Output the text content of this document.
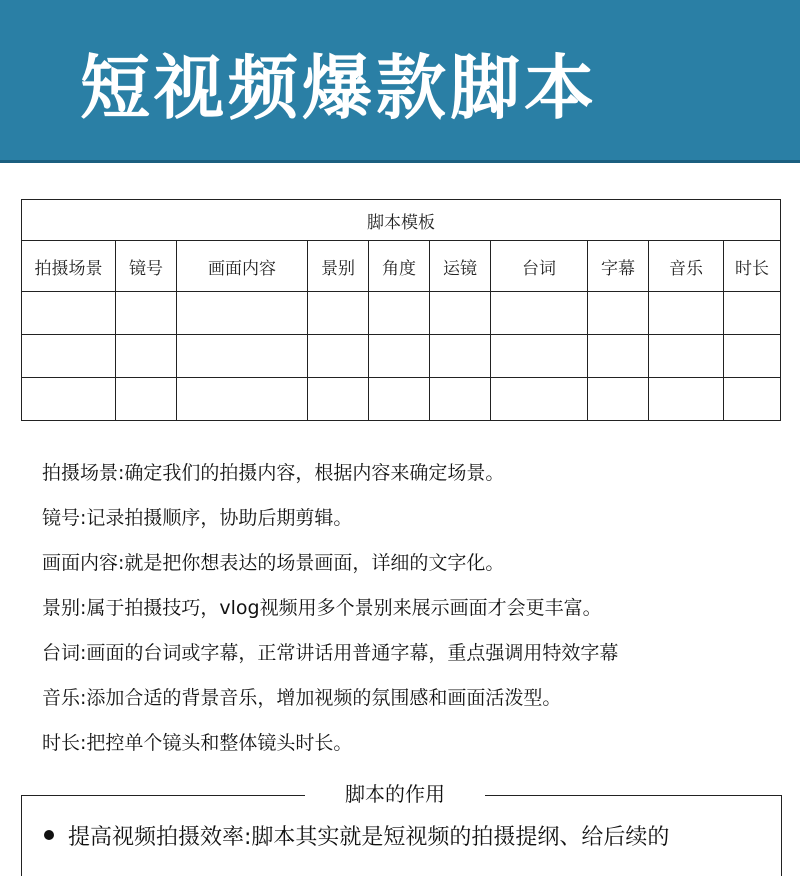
短视频爆款脚本
脚本模板									
拍摄场景	镜号	画面内容	景别	角度	运镜	台词	字幕	音乐	时长

拍摄场景:确定我们的拍摄内容，根据内容来确定场景。
镜号:记录拍摄顺序，协助后期剪辑。
画面内容:就是把你想表达的场景画面，详细的文字化。
景别:属于拍摄技巧，vlog视频用多个景别来展示画面才会更丰富。
台词:画面的台词或字幕，正常讲话用普通字幕，重点强调用特效字幕
音乐:添加合适的背景音乐，增加视频的氛围感和画面活泼型。
时长:把控单个镜头和整体镜头时长。
脚本的作用
提高视频拍摄效率:脚本其实就是短视频的拍摄提纲、给后续的
